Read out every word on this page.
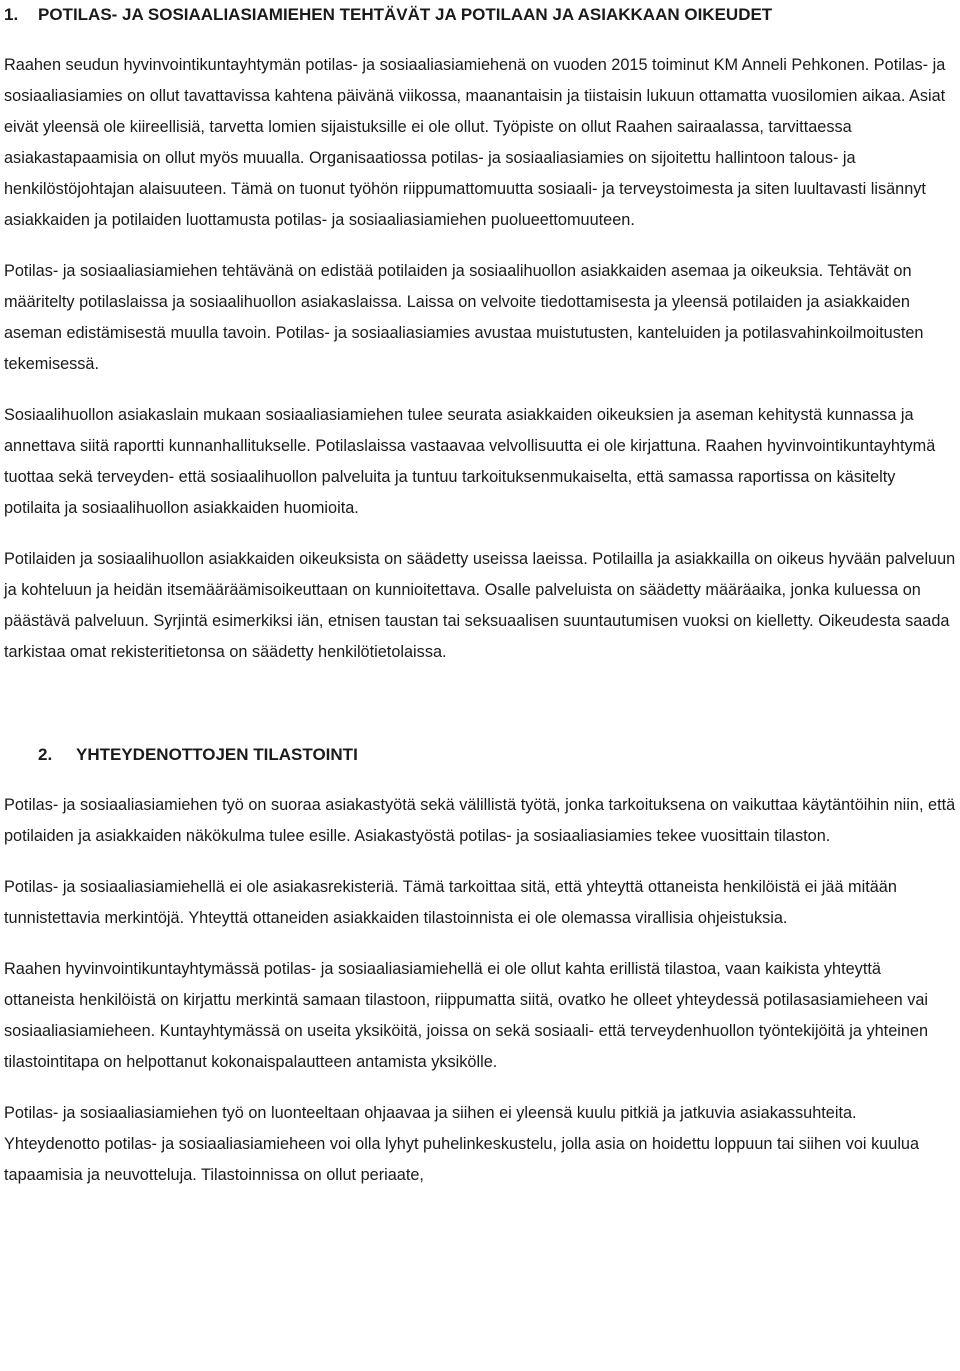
1. POTILAS- JA SOSIAALIASIAMIEHEN TEHTÄVÄT JA POTILAAN JA ASIAKKAAN OIKEUDET

Raahen seudun hyvinvointikuntayhtymän potilas- ja sosiaaliasiamiehenä on vuoden 2015 toiminut KM Anneli Pehkonen. Potilas- ja sosiaaliasiamies on ollut tavattavissa kahtena päivänä viikossa, maanantaisin ja tiistaisin lukuun ottamatta vuosilomien aikaa. Asiat eivät yleensä ole kiireellisiä, tarvetta lomien sijaistuksille ei ole ollut. Työpiste on ollut Raahen sairaalassa, tarvittaessa asiakastapaamisia on ollut myös muualla. Organisaatiossa potilas- ja sosiaaliasiamies on sijoitettu hallintoon talous- ja henkilöstöjohtajan alaisuuteen. Tämä on tuonut työhön riippumattomuutta sosiaali- ja terveystoimesta ja siten luultavasti lisännyt asiakkaiden ja potilaiden luottamusta potilas- ja sosiaaliasiamiehen puolueettomuuteen.

Potilas- ja sosiaaliasiamiehen tehtävänä on edistää potilaiden ja sosiaalihuollon asiakkaiden asemaa ja oikeuksia. Tehtävät on määritelty potilaslaissa ja sosiaalihuollon asiakaslaissa. Laissa on velvoite tiedottamisesta ja yleensä potilaiden ja asiakkaiden aseman edistämisestä muulla tavoin. Potilas- ja sosiaaliasiamies avustaa muistutusten, kanteluiden ja potilasvahinkoilmoitusten tekemisessä.

Sosiaalihuollon asiakaslain mukaan sosiaaliasiamiehen tulee seurata asiakkaiden oikeuksien ja aseman kehitystä kunnassa ja annettava siitä raportti kunnanhallitukselle. Potilaslaissa vastaavaa velvollisuutta ei ole kirjattuna. Raahen hyvinvointikuntayhtymä tuottaa sekä terveyden- että sosiaalihuollon palveluita ja tuntuu tarkoituksenmukaiselta, että samassa raportissa on käsitelty potilaita ja sosiaalihuollon asiakkaiden huomioita.

Potilaiden ja sosiaalihuollon asiakkaiden oikeuksista on säädetty useissa laeissa. Potilailla ja asiakkailla on oikeus hyvään palveluun ja kohteluun ja heidän itsemääräämisoikeuttaan on kunnioitettava. Osalle palveluista on säädetty määräaika, jonka kuluessa on päästävä palveluun. Syrjintä esimerkiksi iän, etnisen taustan tai seksuaalisen suuntautumisen vuoksi on kielletty. Oikeudesta saada tarkistaa omat rekisteritietonsa on säädetty henkilötietolaissa.

2. YHTEYDENOTTOJEN TILASTOINTI

Potilas- ja sosiaaliasiamiehen työ on suoraa asiakastyötä sekä välillistä työtä, jonka tarkoituksena on vaikuttaa käytäntöihin niin, että potilaiden ja asiakkaiden näkökulma tulee esille. Asiakastyöstä potilas- ja sosiaaliasiamies tekee vuosittain tilaston.

Potilas- ja sosiaaliasiamiehellä ei ole asiakasrekisteriä. Tämä tarkoittaa sitä, että yhteyttä ottaneista henkilöistä ei jää mitään tunnistettavia merkintöjä. Yhteyttä ottaneiden asiakkaiden tilastoinnista ei ole olemassa virallisia ohjeistuksia.

Raahen hyvinvointikuntayhtymässä potilas- ja sosiaaliasiamiehellä ei ole ollut kahta erillistä tilastoa, vaan kaikista yhteyttä ottaneista henkilöistä on kirjattu merkintä samaan tilastoon, riippumatta siitä, ovatko he olleet yhteydessä potilasasiamieheen vai sosiaaliasiamieheen. Kuntayhtymässä on useita yksiköitä, joissa on sekä sosiaali- että terveydenhuollon työntekijöitä ja yhteinen tilastointitapa on helpottanut kokonaispalautteen antamista yksikölle.

Potilas- ja sosiaaliasiamiehen työ on luonteeltaan ohjaavaa ja siihen ei yleensä kuulu pitkiä ja jatkuvia asiakassuhteita. Yhteydenotto potilas- ja sosiaaliasiamieheen voi olla lyhyt puhelinkeskustelu, jolla asia on hoidettu loppuun tai siihen voi kuulua tapaamisia ja neuvotteluja. Tilastoinnissa on ollut periaate,
